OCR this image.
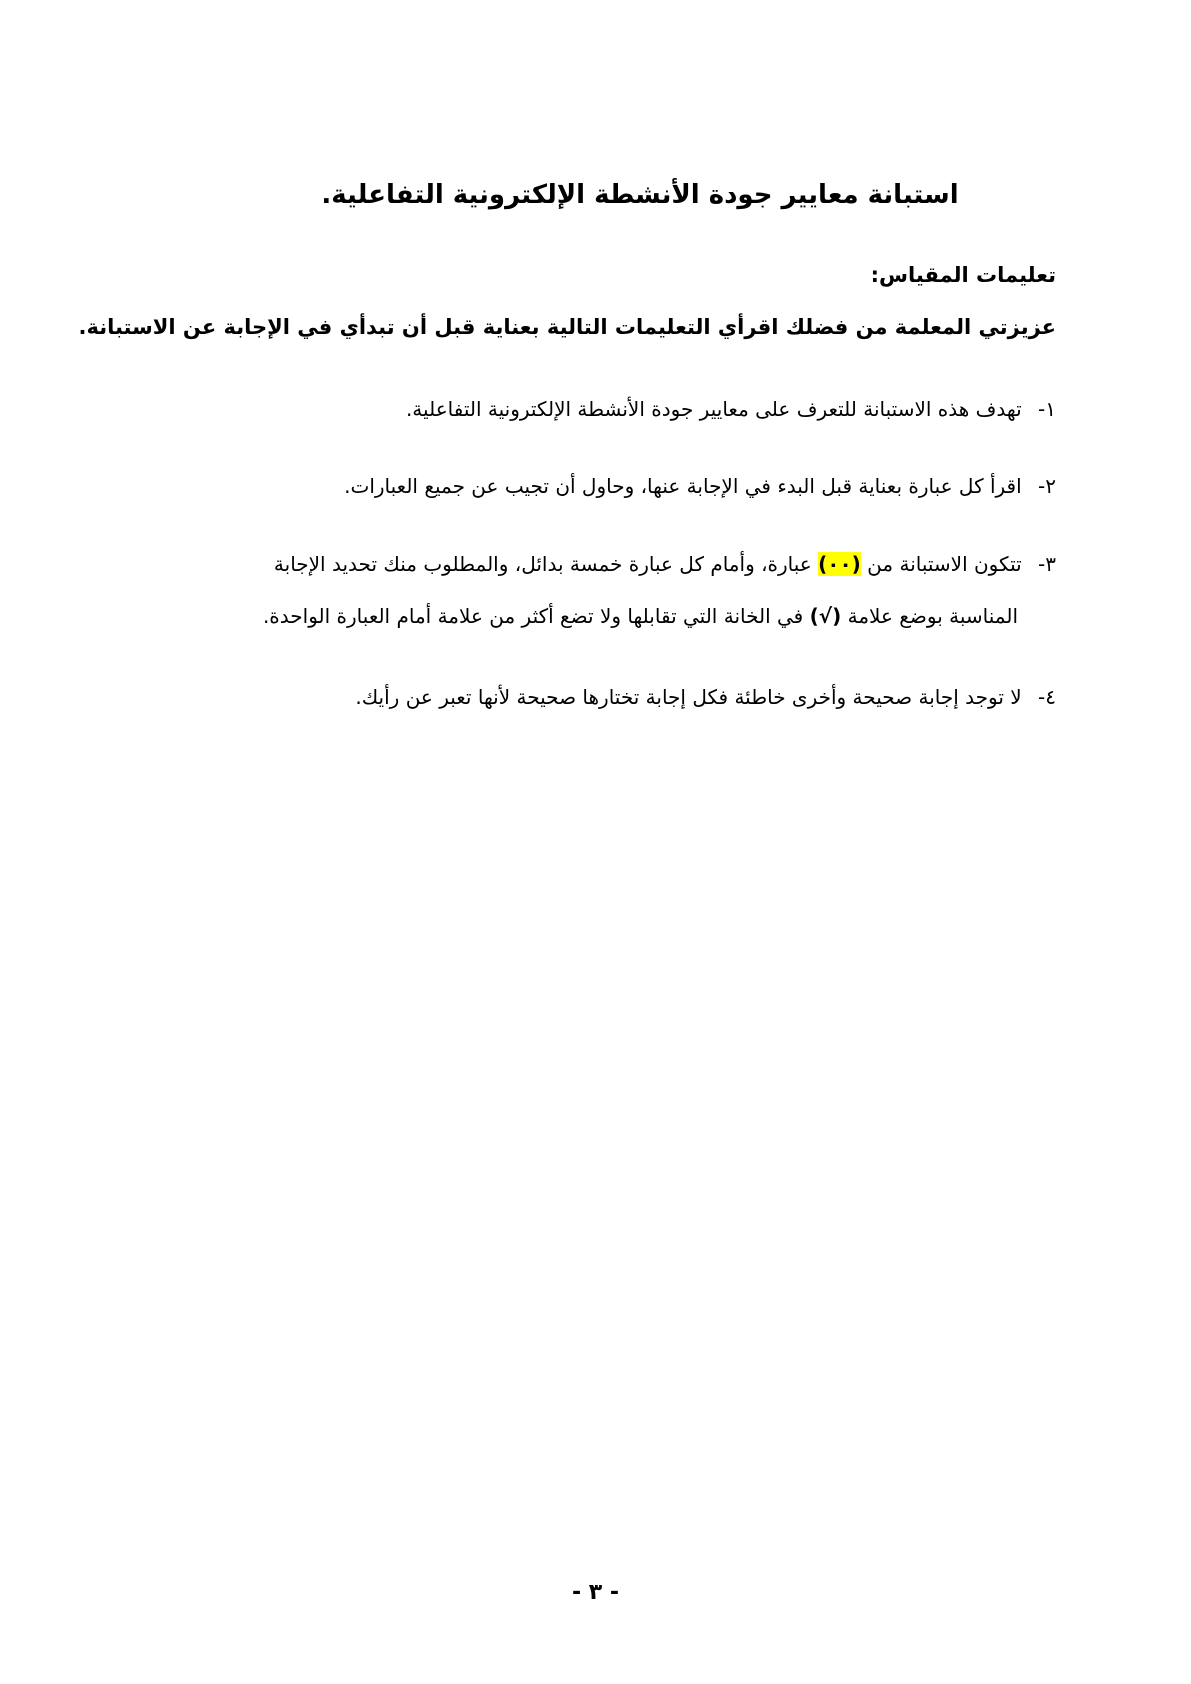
استبانة معايير جودة الأنشطة الإلكترونية التفاعلية.
تعليمات المقياس:
عزيزتي المعلمة من فضلك اقرأي التعليمات التالية بعناية قبل أن تبدأي في الإجابة عن الاستبانة.
١- تهدف هذه الاستبانة للتعرف على معايير جودة الأنشطة الإلكترونية التفاعلية.
٢- اقرأ كل عبارة بعناية قبل البدء في الإجابة عنها، وحاول أن تجيب عن جميع العبارات.
٣- تتكون الاستبانة من (٠٠) عبارة، وأمام كل عبارة خمسة بدائل، والمطلوب منك تحديد الإجابة
المناسبة بوضع علامة (√) في الخانة التي تقابلها ولا تضع أكثر من علامة أمام العبارة الواحدة.
٤- لا توجد إجابة صحيحة وأخرى خاطئة فكل إجابة تختارها صحيحة لأنها تعبر عن رأيك.
- ٣ -
